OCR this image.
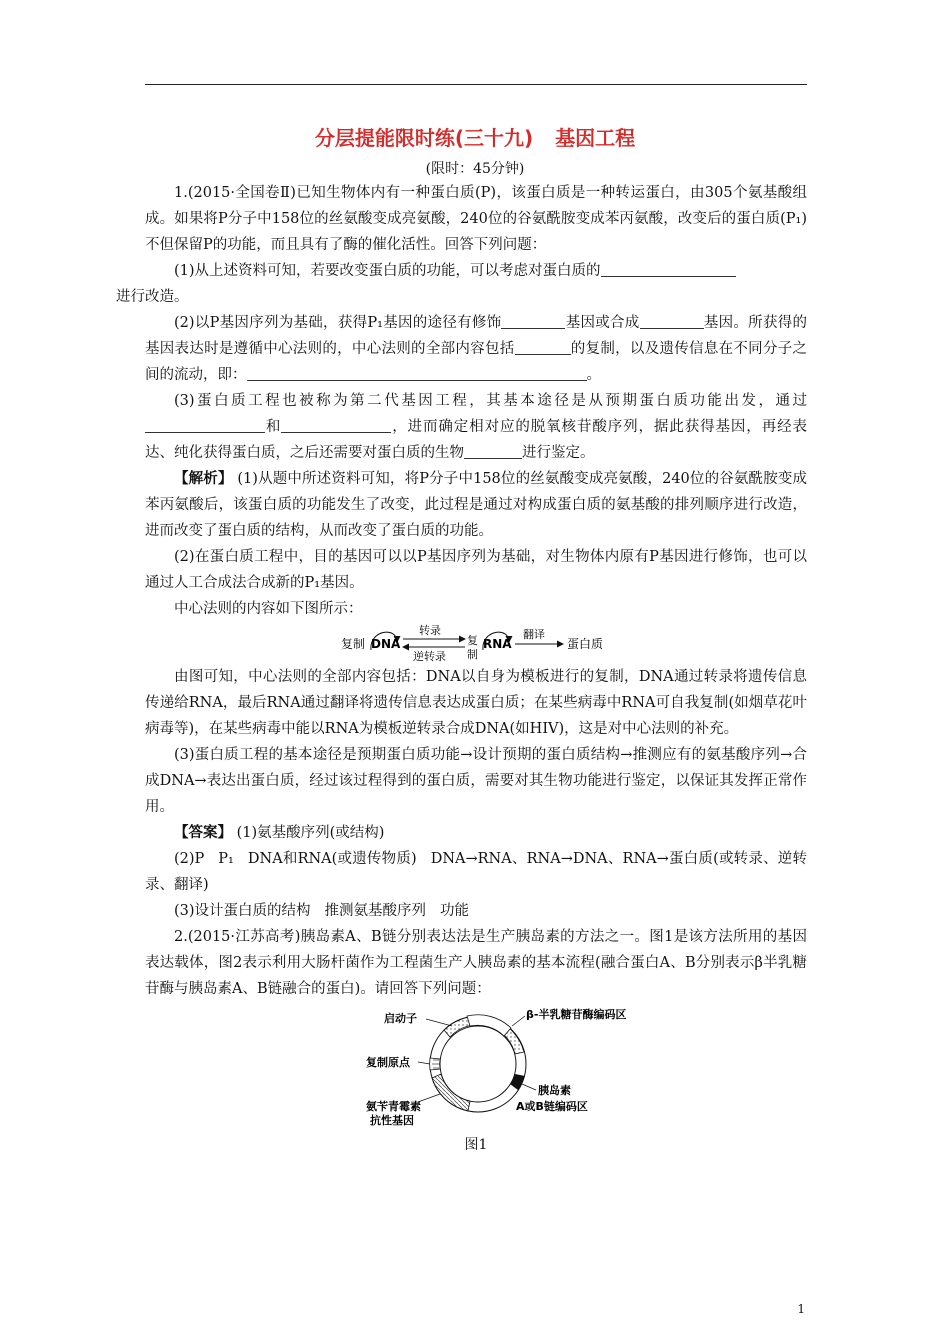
分层提能限时练(三十九) 基因工程
(限时：45分钟)

1.(2015·全国卷Ⅱ)已知生物体内有一种蛋白质(P)，该蛋白质是一种转运蛋白，由305个氨基酸组成。如果将P分子中158位的丝氨酸变成亮氨酸，240位的谷氨酰胺变成苯丙氨酸，改变后的蛋白质(P₁)不但保留P的功能，而且具有了酶的催化活性。回答下列问题：

(1)从上述资料可知，若要改变蛋白质的功能，可以考虑对蛋白质的
进行改造。

(2)以P基因序列为基础，获得P₁基因的途径有修饰	基因或合成	基因。所获得的基因表达时是遵循中心法则的，中心法则的全部内容包括	的复制，以及遗传信息在不同分子之间的流动，即：	。

(3)蛋白质工程也被称为第二代基因工程，其基本途径是从预期蛋白质功能出发，通过和	，进而确定相对应的脱氧核苷酸序列，据此获得基因，再经表达、纯化获得蛋白质，之后还需要对蛋白质的生物	进行鉴定。

【解析】 (1)从题中所述资料可知，将P分子中158位的丝氨酸变成亮氨酸，240位的谷氨酰胺变成苯丙氨酸后，该蛋白质的功能发生了改变，此过程是通过对构成蛋白质的氨基酸的排列顺序进行改造，进而改变了蛋白质的结构，从而改变了蛋白质的功能。

(2)在蛋白质工程中，目的基因可以以P基因序列为基础，对生物体内原有P基因进行修饰，也可以通过人工合成法合成新的P₁基因。

中心法则的内容如下图所示：

复制 DNA
转录
逆转录
复
制
RNA
翻译
蛋白质

由图可知，中心法则的全部内容包括：DNA以自身为模板进行的复制，DNA通过转录将遗传信息传递给RNA，最后RNA通过翻译将遗传信息表达成蛋白质；在某些病毒中RNA可自我复制(如烟草花叶病毒等)，在某些病毒中能以RNA为模板逆转录合成DNA(如HIV)，这是对中心法则的补充。

(3)蛋白质工程的基本途径是预期蛋白质功能→设计预期的蛋白质结构→推测应有的氨基酸序列→合成DNA→表达出蛋白质，经过该过程得到的蛋白质，需要对其生物功能进行鉴定，以保证其发挥正常作用。

【答案】 (1)氨基酸序列(或结构)

(2)P P₁ DNA和RNA(或遗传物质) DNA→RNA、RNA→DNA、RNA→蛋白质(或转录、逆转录、翻译)

(3)设计蛋白质的结构 推测氨基酸序列 功能

2.(2015·江苏高考)胰岛素A、B链分别表达法是生产胰岛素的方法之一。图1是该方法所用的基因表达载体，图2表示利用大肠杆菌作为工程菌生产人胰岛素的基本流程(融合蛋白A、B分别表示β半乳糖苷酶与胰岛素A、B链融合的蛋白)。请回答下列问题：

启动子	β-半乳糖苷酶编码区
复制原点
胰岛素
A或B链编码区
氨苄青霉素
抗性基因
图1
1
